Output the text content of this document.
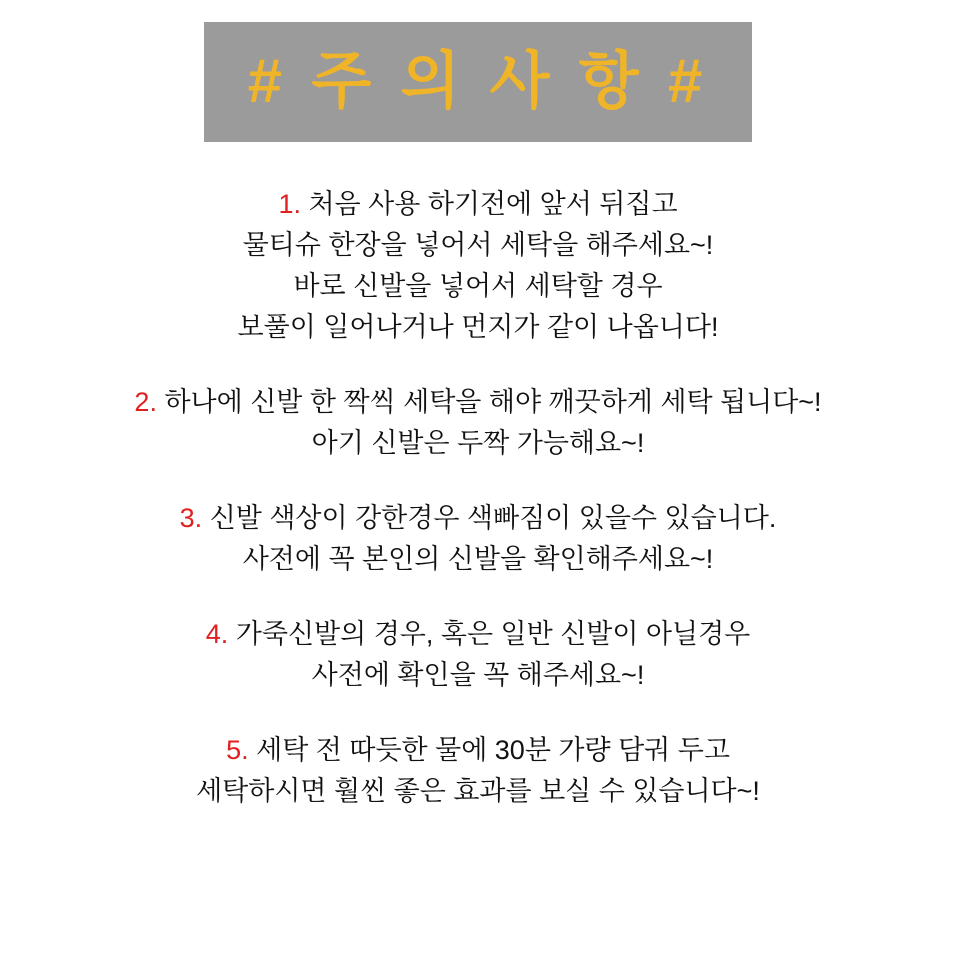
# 주 의 사 항 #
1. 처음 사용 하기전에 앞서 뒤집고
물티슈 한장을 넣어서 세탁을 해주세요~!
바로 신발을 넣어서 세탁할 경우
보풀이 일어나거나 먼지가 같이 나옵니다!
2. 하나에 신발 한 짝씩 세탁을 해야 깨끗하게 세탁 됩니다~!
아기 신발은 두짝 가능해요~!
3. 신발 색상이 강한경우 색빠짐이 있을수 있습니다.
사전에 꼭 본인의 신발을 확인해주세요~!
4. 가죽신발의 경우, 혹은 일반 신발이 아닐경우
사전에 확인을 꼭 해주세요~!
5. 세탁 전 따듯한 물에 30분 가량 담궈 두고
세탁하시면 훨씬 좋은 효과를 보실 수 있습니다~!
